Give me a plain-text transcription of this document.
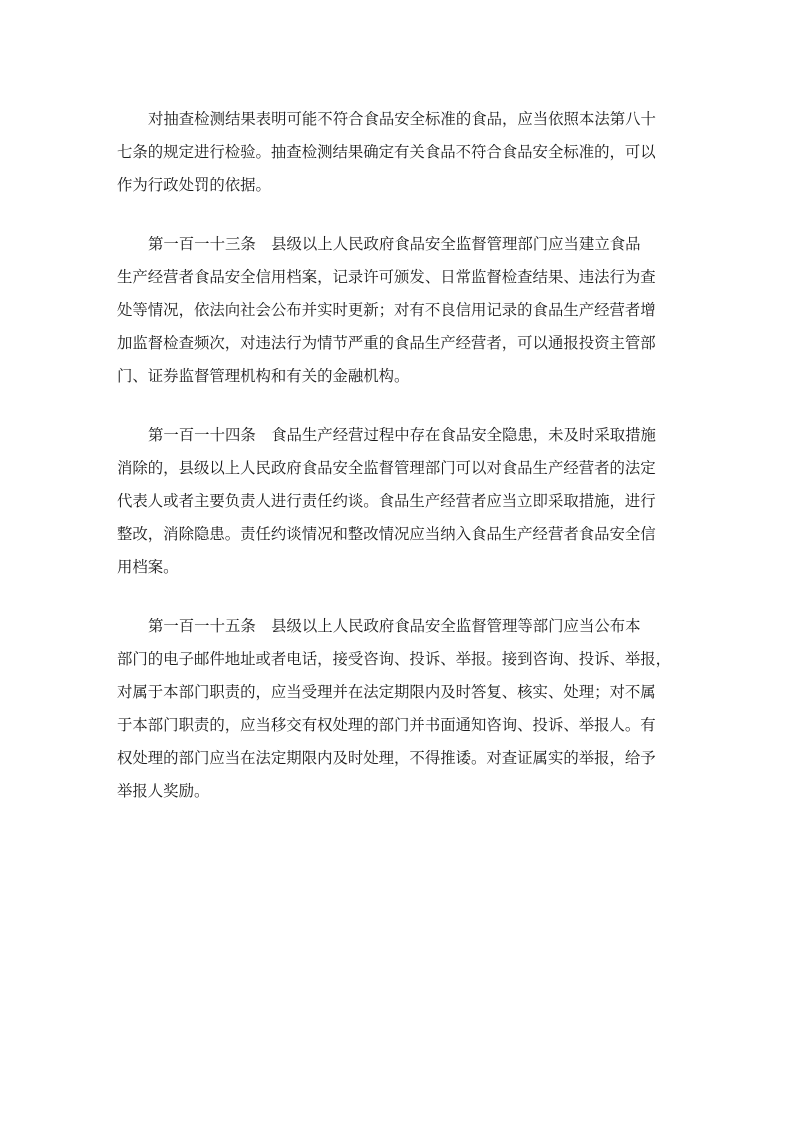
对抽查检测结果表明可能不符合食品安全标准的食品，应当依照本法第八十
七条的规定进行检验。抽查检测结果确定有关食品不符合食品安全标准的，可以
作为行政处罚的依据。
第一百一十三条　县级以上人民政府食品安全监督管理部门应当建立食品
生产经营者食品安全信用档案，记录许可颁发、日常监督检查结果、违法行为查
处等情况，依法向社会公布并实时更新；对有不良信用记录的食品生产经营者增
加监督检查频次，对违法行为情节严重的食品生产经营者，可以通报投资主管部
门、证券监督管理机构和有关的金融机构。
第一百一十四条　食品生产经营过程中存在食品安全隐患，未及时采取措施
消除的，县级以上人民政府食品安全监督管理部门可以对食品生产经营者的法定
代表人或者主要负责人进行责任约谈。食品生产经营者应当立即采取措施，进行
整改，消除隐患。责任约谈情况和整改情况应当纳入食品生产经营者食品安全信
用档案。
第一百一十五条　县级以上人民政府食品安全监督管理等部门应当公布本
部门的电子邮件地址或者电话，接受咨询、投诉、举报。接到咨询、投诉、举报，
对属于本部门职责的，应当受理并在法定期限内及时答复、核实、处理；对不属
于本部门职责的，应当移交有权处理的部门并书面通知咨询、投诉、举报人。有
权处理的部门应当在法定期限内及时处理，不得推诿。对查证属实的举报，给予
举报人奖励。
